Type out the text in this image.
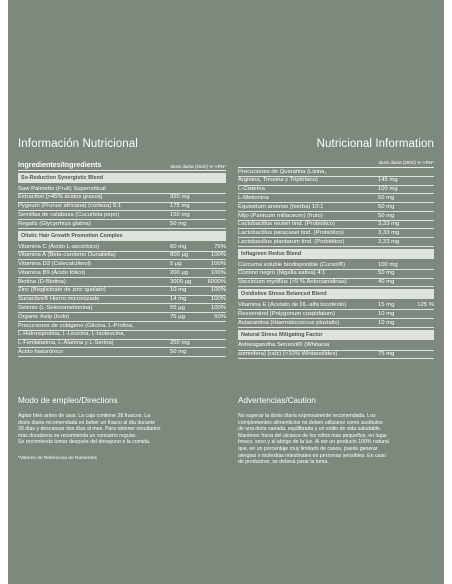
Información Nutricional
Ingredientes/Ingredients	dosis diaria (25ml) % VRN*
So-Reduction Synergistic Blend
Saw Palmetto (Fruit) Supercritical
Extraction [>45% ácidos grasos]	320 mg
Pygeum (Prunus africana) (corteza) 5:1	175 mg
Semillas de calabaza (Cucurbita pepo)	150 mg
Regaliz (Glycyrrhiza glabra)	50 mg
Olistic Hair Growth Promotion Complex
Vitamina C (Ácido L-ascórbico)	60 mg	75%
Vitamina A (Beta-caroteno Dunaliella)	800 µg	100%
Vitamina D3 (Colecalciferol)	5 µg	100%
Vitamina B9 (Ácido fólico)	200 µg	100%
Biotina (D-Biotina)	3000 µg	6000%
Zinc (Bisglicinato de zinc quelato)	10 mg	100%
Sunactive® Hierro micronizado	14 mg	100%
Selenio (L-Selenometionina)	55 µg	100%
Organic Kelp (Iodo)	75 µg	50%
Precursores de colágeno (Glicina, L-Prolina,
L-Hidroxiprolina, L-Leucina, L-Isoleucina,
L-Fenilalanina, L-Alanina y L-Serina)	250 mg
Ácido hialurónico	50 mg
Nutricional Information
dosis diaria (25ml) % VRN*
Precursores de Queratina (Lisina,
Arginina, Tirosina y Triptófano)	145 mg
L-Cisteína	100 mg
L-Metionina	50 mg
Equisetum arvense (hierba) 10:1	50 mg
Mijo (Panicum miliaceum) (fruto)	50 mg
Lactobacillus reuteri tind. (Probiótico)	3,33 mg
Lactobacillus paracasei tind. (Probiótico)	3,33 mg
Lactobacillus plantarum tind. (Probiótico)	3,33 mg
Inflagreen Redux Blend
Cúrcuma soluble biodisponible (Cursol®)	100 mg
Comino negro (Nigella sativa) 4:1	50 mg
Vaccinium myrtillus (>5 % Antocianidinas)	40 mg
Oxidistive Stress Belanced Blend
Vitamina E (Acetato de DL-alfa tocoferilo)	15 mg	125 %
Resveratrol (Polygonum cuspidatum)	10 mg
Astaxantina (Haematococcus pluvialis)	10 mg
Natural Stress Mitigating Factor
Ashwagandha Sensoril® (Whitania
somnifera) (raíz) (>10% Whitanolides)	75 mg
Modo de empleo/Directions
Agitar bien antes de usar. La caja contiene 28 frascos. La
dosis diaria recomendada es beber un frasco al día durante
28 días y descansar dos días al mes. Para obtener resultados
más duraderos se recomienda un consumo regular.
Se recomienda tomar después del desayuno o la comida.
Advertencias/Caution
No superar la dosis diaria expresamente recomendada. Los
complementos alimenticios no deben utilizarse como sustitutos
de una dieta variada, equilibrada y un estilo de vida saludable.
Mantener fuera del alcance de los niños más pequeños, en lugar
fresco, seco y al abrigo de la luz. Al ser un producto 100% natural
que, en un porcentaje muy limitado de casos, puede generar
alergias o molestias intestinales en personas sensibles. En caso
de producirse, se deberá parar la toma.
*Valores de Referencia de Nutrientes
